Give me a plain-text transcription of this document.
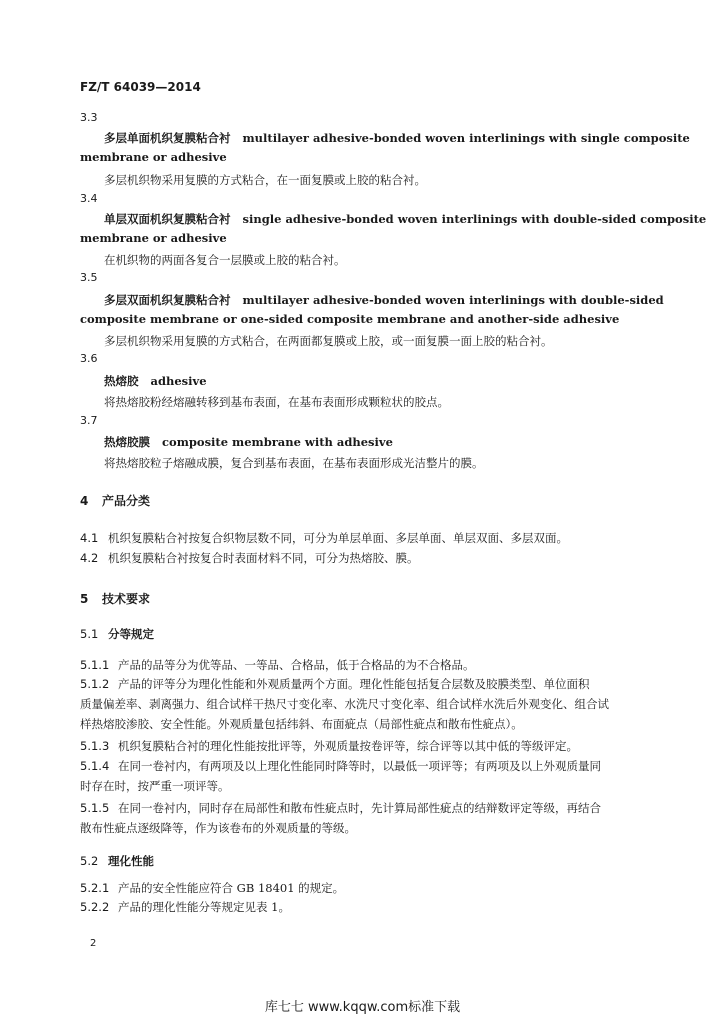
FZ/T 64039—2014
3.3
多层单面机织复膜粘合衬 multilayer adhesive-bonded woven interlinings with single composite
membrane or adhesive
多层机织物采用复膜的方式粘合，在一面复膜或上胶的粘合衬。
3.4
单层双面机织复膜粘合衬 single adhesive-bonded woven interlinings with double-sided composite
membrane or adhesive
在机织物的两面各复合一层膜或上胶的粘合衬。
3.5
多层双面机织复膜粘合衬 multilayer adhesive-bonded woven interlinings with double-sided
composite membrane or one-sided composite membrane and another-side adhesive
多层机织物采用复膜的方式粘合，在两面都复膜或上胶，或一面复膜一面上胶的粘合衬。
3.6
热熔胶 adhesive
将热熔胶粉经熔融转移到基布表面，在基布表面形成颗粒状的胶点。
3.7
热熔胶膜 composite membrane with adhesive
将热熔胶粒子熔融成膜，复合到基布表面，在基布表面形成光洁整片的膜。
4 产品分类
4.1 机织复膜粘合衬按复合织物层数不同，可分为单层单面、多层单面、单层双面、多层双面。
4.2 机织复膜粘合衬按复合时表面材料不同，可分为热熔胶、膜。
5 技术要求
5.1 分等规定
5.1.1 产品的品等分为优等品、一等品、合格品，低于合格品的为不合格品。
5.1.2 产品的评等分为理化性能和外观质量两个方面。理化性能包括复合层数及胶膜类型、单位面积
质量偏差率、剥离强力、组合试样干热尺寸变化率、水洗尺寸变化率、组合试样水洗后外观变化、组合试
样热熔胶渗胶、安全性能。外观质量包括纬斜、布面疵点（局部性疵点和散布性疵点）。
5.1.3 机织复膜粘合衬的理化性能按批评等，外观质量按卷评等，综合评等以其中低的等级评定。
5.1.4 在同一卷衬内，有两项及以上理化性能同时降等时，以最低一项评等；有两项及以上外观质量同
时存在时，按严重一项评等。
5.1.5 在同一卷衬内，同时存在局部性和散布性疵点时，先计算局部性疵点的结辩数评定等级，再结合
散布性疵点逐级降等，作为该卷布的外观质量的等级。
5.2 理化性能
5.2.1 产品的安全性能应符合 GB 18401 的规定。
5.2.2 产品的理化性能分等规定见表 1。
2
库七七 www.kqqw.com标准下载
